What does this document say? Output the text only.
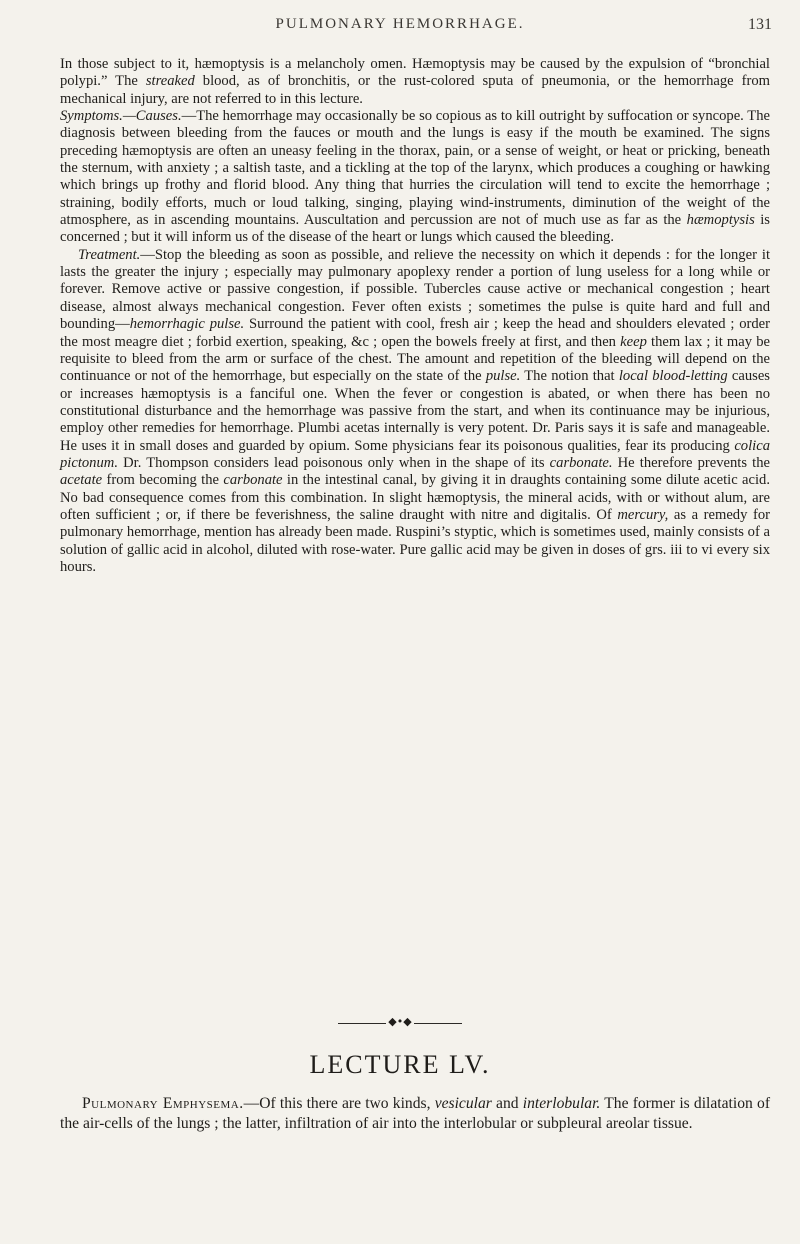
PULMONARY HEMORRHAGE.	131

In those subject to it, hæmoptysis is a melancholy omen. Hæmoptysis may be caused by the expulsion of “bronchial polypi.” The streaked blood, as of bronchitis, or the rust-colored sputa of pneumonia, or the hemorrhage from mechanical injury, are not referred to in this lecture.

Symptoms.—Causes.—The hemorrhage may occasionally be so copious as to kill outright by suffocation or syncope. The diagnosis between bleeding from the fauces or mouth and the lungs is easy if the mouth be examined. The signs preceding hæmoptysis are often an uneasy feeling in the thorax, pain, or a sense of weight, or heat or pricking, beneath the sternum, with anxiety ; a saltish taste, and a tickling at the top of the larynx, which produces a coughing or hawking which brings up frothy and florid blood. Any thing that hurries the circulation will tend to excite the hemorrhage ; straining, bodily efforts, much or loud talking, singing, playing wind-instruments, diminution of the weight of the atmosphere, as in ascending mountains. Auscultation and percussion are not of much use as far as the hæmoptysis is concerned ; but it will inform us of the disease of the heart or lungs which caused the bleeding.

Treatment.—Stop the bleeding as soon as possible, and relieve the necessity on which it depends : for the longer it lasts the greater the injury ; especially may pulmonary apoplexy render a portion of lung useless for a long while or forever. Remove active or passive congestion, if possible. Tubercles cause active or mechanical congestion ; heart disease, almost always mechanical congestion. Fever often exists ; sometimes the pulse is quite hard and full and bounding—hemorrhagic pulse. Surround the patient with cool, fresh air ; keep the head and shoulders elevated ; order the most meagre diet ; forbid exertion, speaking, &c ; open the bowels freely at first, and then keep them lax ; it may be requisite to bleed from the arm or surface of the chest. The amount and repetition of the bleeding will depend on the continuance or not of the hemorrhage, but especially on the state of the pulse. The notion that local blood-letting causes or increases hæmoptysis is a fanciful one. When the fever or congestion is abated, or when there has been no constitutional disturbance and the hemorrhage was passive from the start, and when its continuance may be injurious, employ other remedies for hemorrhage. Plumbi acetas internally is very potent. Dr. Paris says it is safe and manageable. He uses it in small doses and guarded by opium. Some physicians fear its poisonous qualities, fear its producing colica pictonum. Dr. Thompson considers lead poisonous only when in the shape of its carbonate. He therefore prevents the acetate from becoming the carbonate in the intestinal canal, by giving it in draughts containing some dilute acetic acid. No bad consequence comes from this combination. In slight hæmoptysis, the mineral acids, with or without alum, are often sufficient ; or, if there be feverishness, the saline draught with nitre and digitalis. Of mercury, as a remedy for pulmonary hemorrhage, mention has already been made. Ruspini’s styptic, which is sometimes used, mainly consists of a solution of gallic acid in alcohol, diluted with rose-water. Pure gallic acid may be given in doses of grs. iii to vi every six hours.

◆•◆
LECTURE LV.

Pulmonary Emphysema.—Of this there are two kinds, vesicular and interlobular. The former is dilatation of the air-cells of the lungs ; the latter, infiltration of air into the interlobular or subpleural areolar tissue.
